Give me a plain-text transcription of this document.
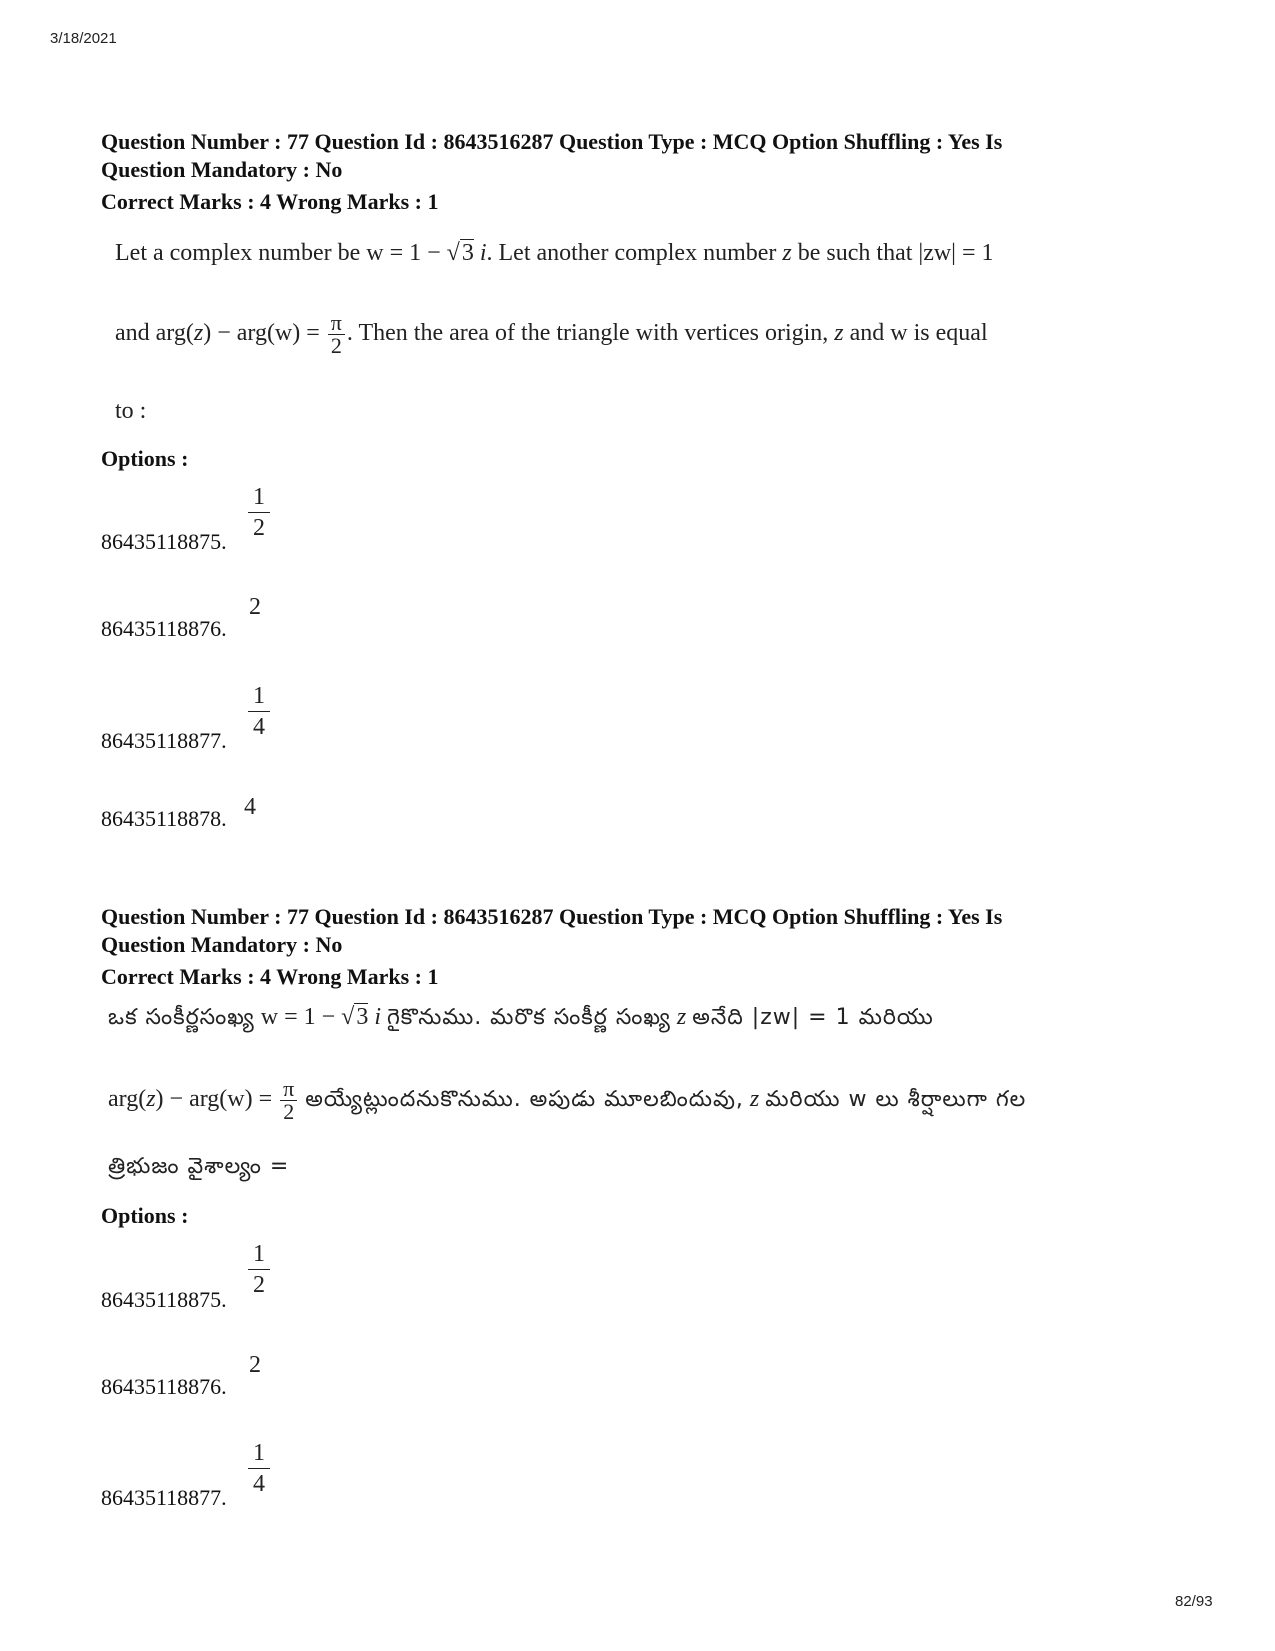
3/18/2021
Question Number : 77 Question Id : 8643516287 Question Type : MCQ Option Shuffling : Yes Is
Question Mandatory : No
Correct Marks : 4 Wrong Marks : 1
Let a complex number be w = 1 − √3 i. Let another complex number z be such that |zw| = 1
and $arg(z) - arg(w) = \frac{\pi}{2}$ . Then the area of the triangle with vertices origin, z and w is equal
to :
Options :
86435118875.
1
2
86435118876.
2
86435118877.
1
4
86435118878. 4
Question Number : 77 Question Id : 8643516287 Question Type : MCQ Option Shuffling : Yes Is
Question Mandatory : No
Correct Marks : 4 Wrong Marks : 1
ఒక సంకీర్ణసంఖ్య w = 1 − √3 i గైకొనుము. మరొక సంకీర్ణ సంఖ్య z అనేది |zw| = 1 మరియు
$arg(z) - arg(w) = \frac{\pi}{2}$ అయ్యేట్లుందనుకొనుము. అపుడు మూలబిందువు, z మరియు w లు శీర్షాలుగా గల
త్రిభుజం వైశాల్యం =
Options :
86435118875.
1
2
86435118876.
2
86435118877.
1
4
82/93
